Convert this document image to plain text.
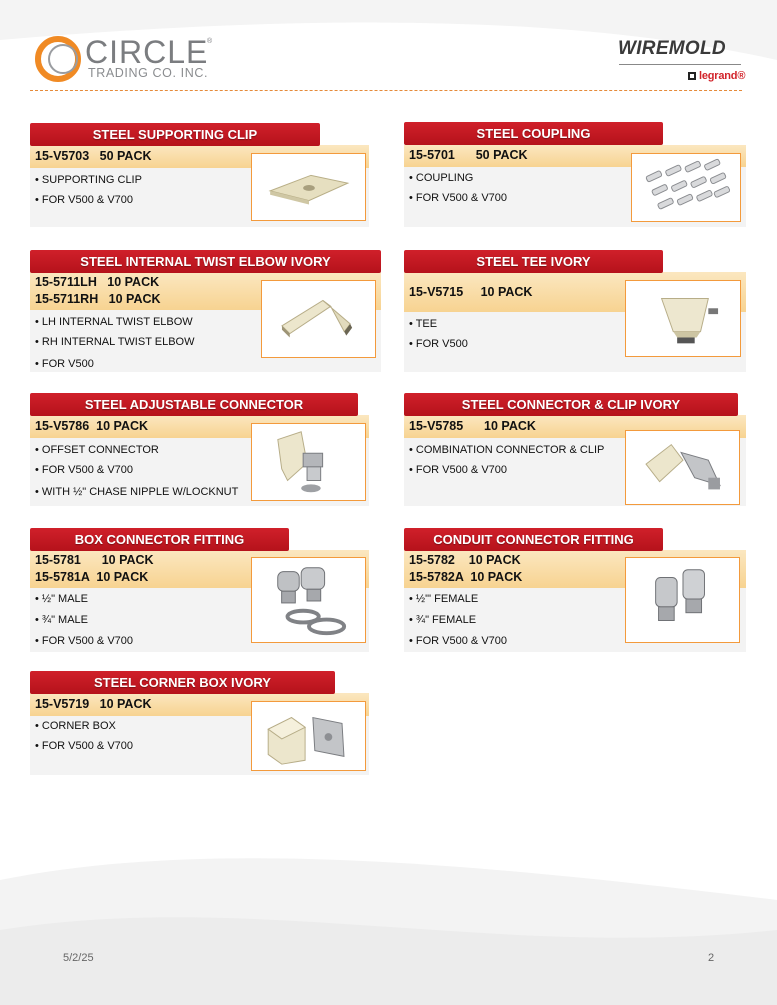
CIRCLE
®
TRADING CO. INC.
WIREMOLD
legrand®
STEEL SUPPORTING CLIP
15-V5703   50 PACK
• SUPPORTING CLIP
• FOR V500 & V700
STEEL COUPLING
15-5701      50 PACK
• COUPLING
• FOR V500 & V700
STEEL INTERNAL TWIST ELBOW IVORY
15-5711LH   10 PACK
15-5711RH   10 PACK
• LH INTERNAL TWIST ELBOW
• RH INTERNAL TWIST ELBOW
• FOR V500
STEEL TEE IVORY
15-V5715     10 PACK
• TEE
• FOR V500
STEEL ADJUSTABLE CONNECTOR
15-V5786  10 PACK
• OFFSET CONNECTOR
• FOR V500 & V700
• WITH ½" CHASE NIPPLE W/LOCKNUT
STEEL CONNECTOR & CLIP IVORY
15-V5785      10 PACK
• COMBINATION CONNECTOR & CLIP
• FOR V500 & V700
BOX CONNECTOR FITTING
15-5781      10 PACK
15-5781A  10 PACK
• ½" MALE
• ¾" MALE
• FOR V500 & V700
CONDUIT CONNECTOR FITTING
15-5782    10 PACK
15-5782A  10 PACK
• ½"' FEMALE
• ¾" FEMALE
• FOR V500 & V700
STEEL CORNER BOX IVORY
15-V5719   10 PACK
• CORNER BOX
• FOR V500 & V700
5/2/25	2
